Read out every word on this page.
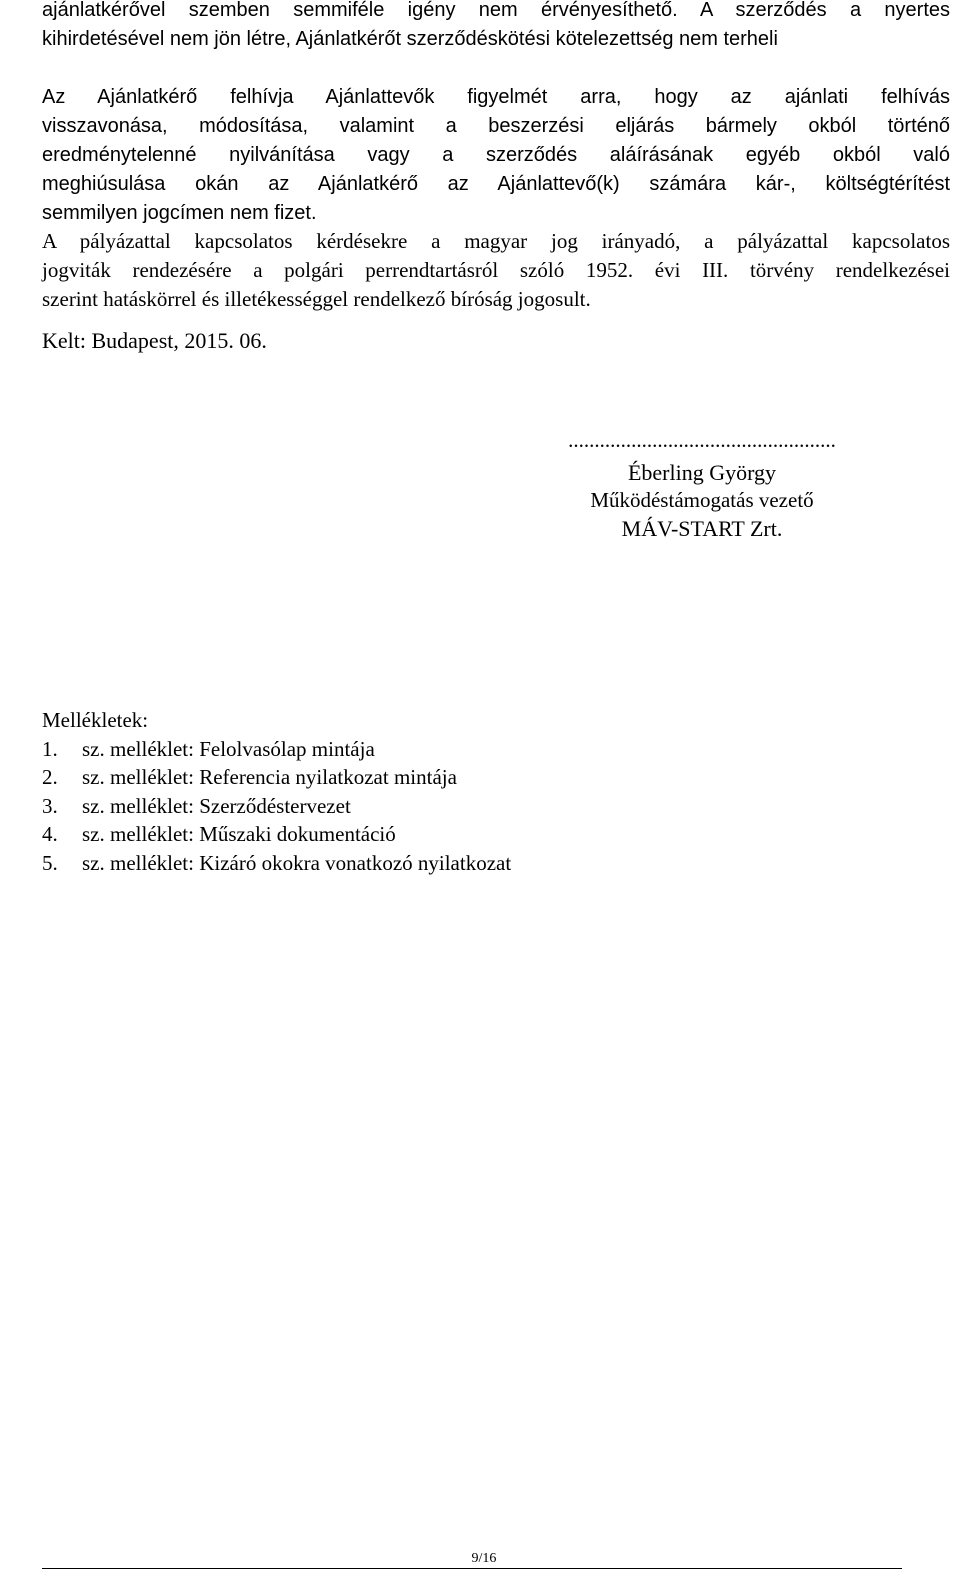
ajánlatkérővel szemben semmiféle igény nem érvényesíthető. A szerződés a nyertes
kihirdetésével nem jön létre, Ajánlatkérőt szerződéskötési kötelezettség nem terheli
Az Ajánlatkérő felhívja Ajánlattevők figyelmét arra, hogy az ajánlati felhívás
visszavonása, módosítása, valamint a beszerzési eljárás bármely okból történő
eredménytelenné nyilvánítása vagy a szerződés aláírásának egyéb okból való
meghiúsulása okán az Ajánlatkérő az Ajánlattevő(k) számára kár-, költségtérítést
semmilyen jogcímen nem fizet.
A pályázattal kapcsolatos kérdésekre a magyar jog irányadó, a pályázattal kapcsolatos
jogviták rendezésére a polgári perrendtartásról szóló 1952. évi III. törvény rendelkezései
szerint hatáskörrel és illetékességgel rendelkező bíróság jogosult.
Kelt: Budapest, 2015. 06.
...................................................
Éberling György
Működéstámogatás vezető
MÁV-START Zrt.
Mellékletek:
1. sz. melléklet: Felolvasólap mintája
2. sz. melléklet: Referencia nyilatkozat mintája
3. sz. melléklet: Szerződéstervezet
4. sz. melléklet: Műszaki dokumentáció
5. sz. melléklet: Kizáró okokra vonatkozó nyilatkozat
9/16
